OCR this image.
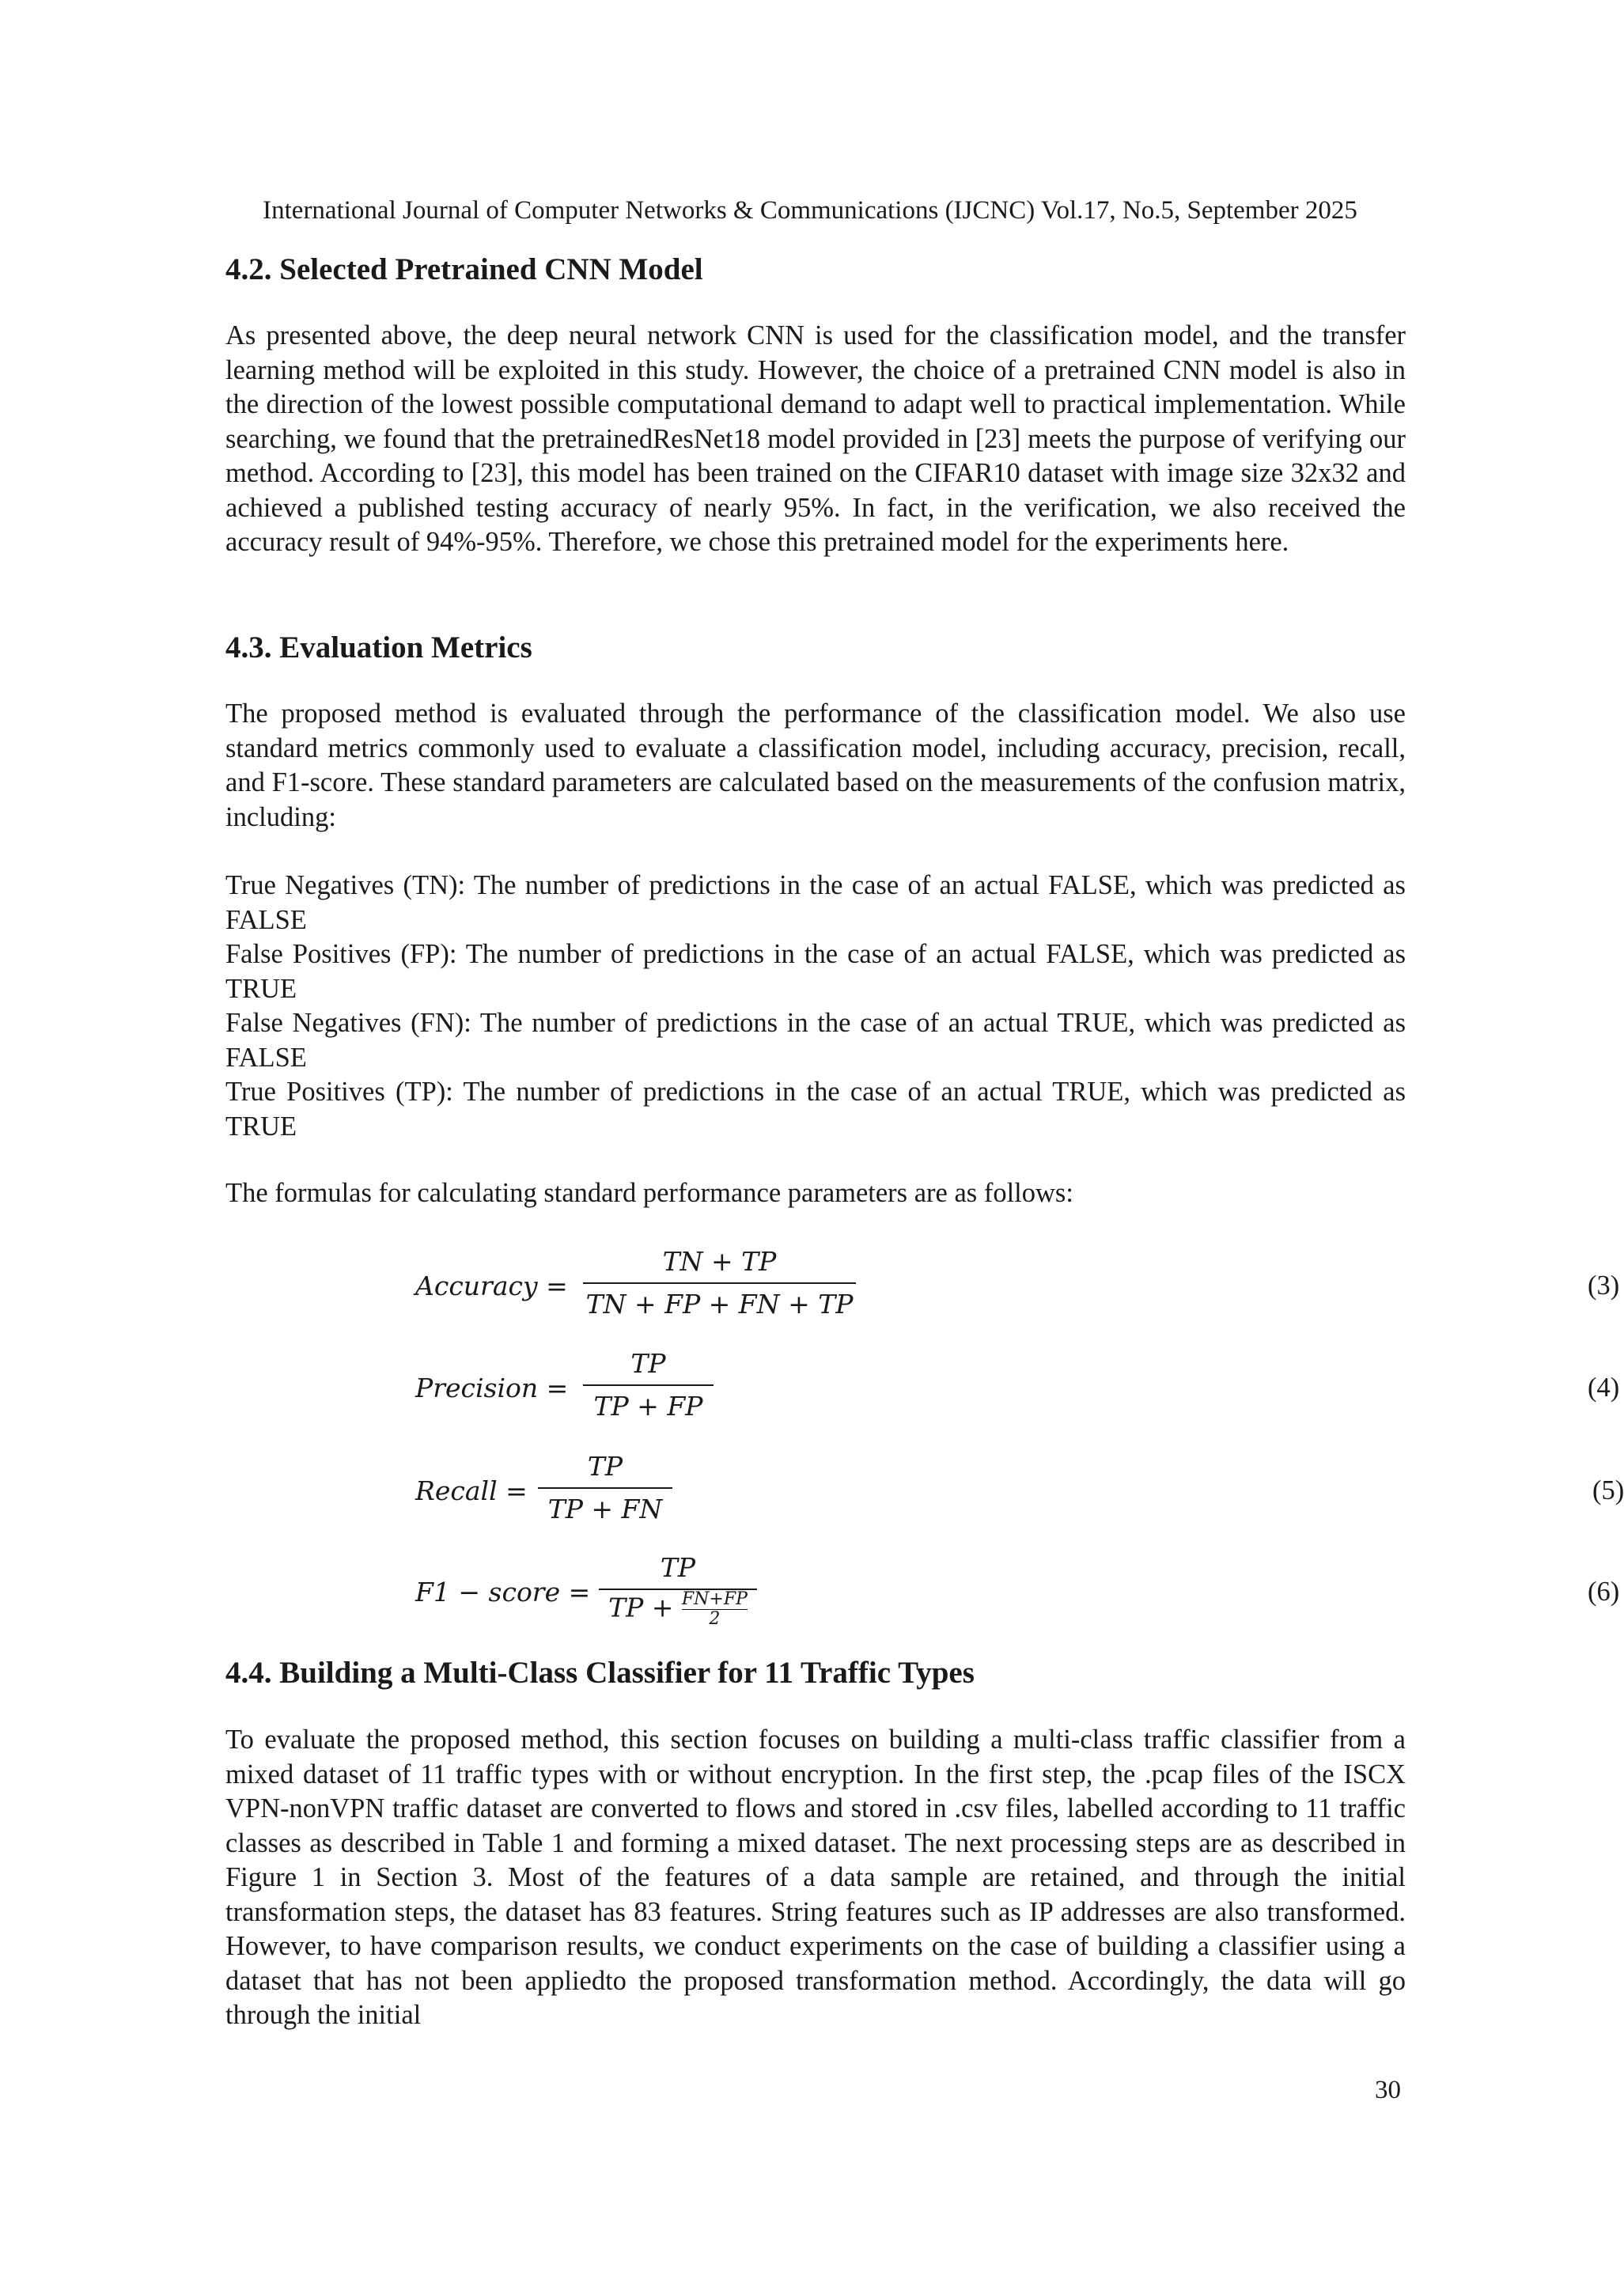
International Journal of Computer Networks & Communications (IJCNC) Vol.17, No.5, September 2025
4.2. Selected Pretrained CNN Model

As presented above, the deep neural network CNN is used for the classification model, and the transfer learning method will be exploited in this study. However, the choice of a pretrained CNN model is also in the direction of the lowest possible computational demand to adapt well to practical implementation. While searching, we found that the pretrainedResNet18 model provided in [23] meets the purpose of verifying our method. According to [23], this model has been trained on the CIFAR10 dataset with image size 32x32 and achieved a published testing accuracy of nearly 95%. In fact, in the verification, we also received the accuracy result of 94%-95%. Therefore, we chose this pretrained model for the experiments here.

4.3. Evaluation Metrics

The proposed method is evaluated through the performance of the classification model. We also use standard metrics commonly used to evaluate a classification model, including accuracy, precision, recall, and F1-score. These standard parameters are calculated based on the measurements of the confusion matrix, including:

True Negatives (TN): The number of predictions in the case of an actual FALSE, which was predicted as FALSE

False Positives (FP): The number of predictions in the case of an actual FALSE, which was predicted as TRUE

False Negatives (FN): The number of predictions in the case of an actual TRUE, which was predicted as FALSE

True Positives (TP): The number of predictions in the case of an actual TRUE, which was predicted as TRUE

The formulas for calculating standard performance parameters are as follows:

Accuracy =
TN + TP
TN + FP + FN + TP
(3)
Precision =
TP
TP + FP
(4)
Recall =
TP
TP + FN
(5)
F1 − score =
TP
TP + $\frac{FN+FP}{2}$	(6)
4.4. Building a Multi-Class Classifier for 11 Traffic Types

To evaluate the proposed method, this section focuses on building a multi-class traffic classifier from a mixed dataset of 11 traffic types with or without encryption. In the first step, the .pcap files of the ISCX VPN-nonVPN traffic dataset are converted to flows and stored in .csv files, labelled according to 11 traffic classes as described in Table 1 and forming a mixed dataset. The next processing steps are as described in Figure 1 in Section 3. Most of the features of a data sample are retained, and through the initial transformation steps, the dataset has 83 features. String features such as IP addresses are also transformed. However, to have comparison results, we conduct experiments on the case of building a classifier using a dataset that has not been appliedto the proposed transformation method. Accordingly, the data will go through the initial

30
